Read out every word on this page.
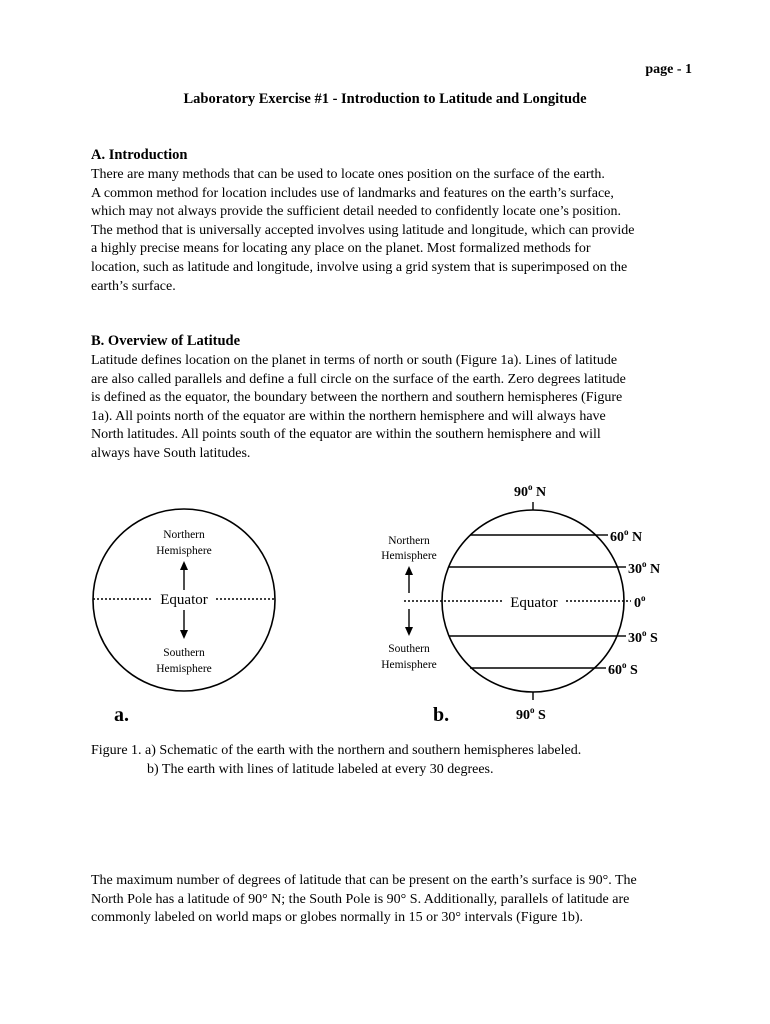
page - 1
Laboratory Exercise #1 - Introduction to Latitude and Longitude
A. Introduction
There are many methods that can be used to locate ones position on the surface of the earth.
A common method for location includes use of landmarks and features on the earth’s surface,
which may not always provide the sufficient detail needed to confidently locate one’s position.
The method that is universally accepted involves using latitude and longitude, which can provide
a highly precise means for locating any place on the planet. Most formalized methods for
location, such as latitude and longitude, involve using a grid system that is superimposed on the
earth’s surface.
B. Overview of Latitude
Latitude defines location on the planet in terms of north or south (Figure 1a). Lines of latitude
are also called parallels and define a full circle on the surface of the earth. Zero degrees latitude
is defined as the equator, the boundary between the northern and southern hemispheres (Figure
1a). All points north of the equator are within the northern hemisphere and will always have
North latitudes. All points south of the equator are within the southern hemisphere and will
always have South latitudes.
Equator
Northern
Hemisphere
Southern
Hemisphere
a.
Equator
90$^o$ N
60$^o$ N
30$^o$ N
0$^o$
30$^o$ S
60$^o$ S
90$^o$ S
Northern
Hemisphere
Southern
Hemisphere
b.
Figure 1. a) Schematic of the earth with the northern and southern hemispheres labeled.
b) The earth with lines of latitude labeled at every 30 degrees.
The maximum number of degrees of latitude that can be present on the earth’s surface is 90°. The
North Pole has a latitude of 90° N; the South Pole is 90° S. Additionally, parallels of latitude are
commonly labeled on world maps or globes normally in 15 or 30° intervals (Figure 1b).
